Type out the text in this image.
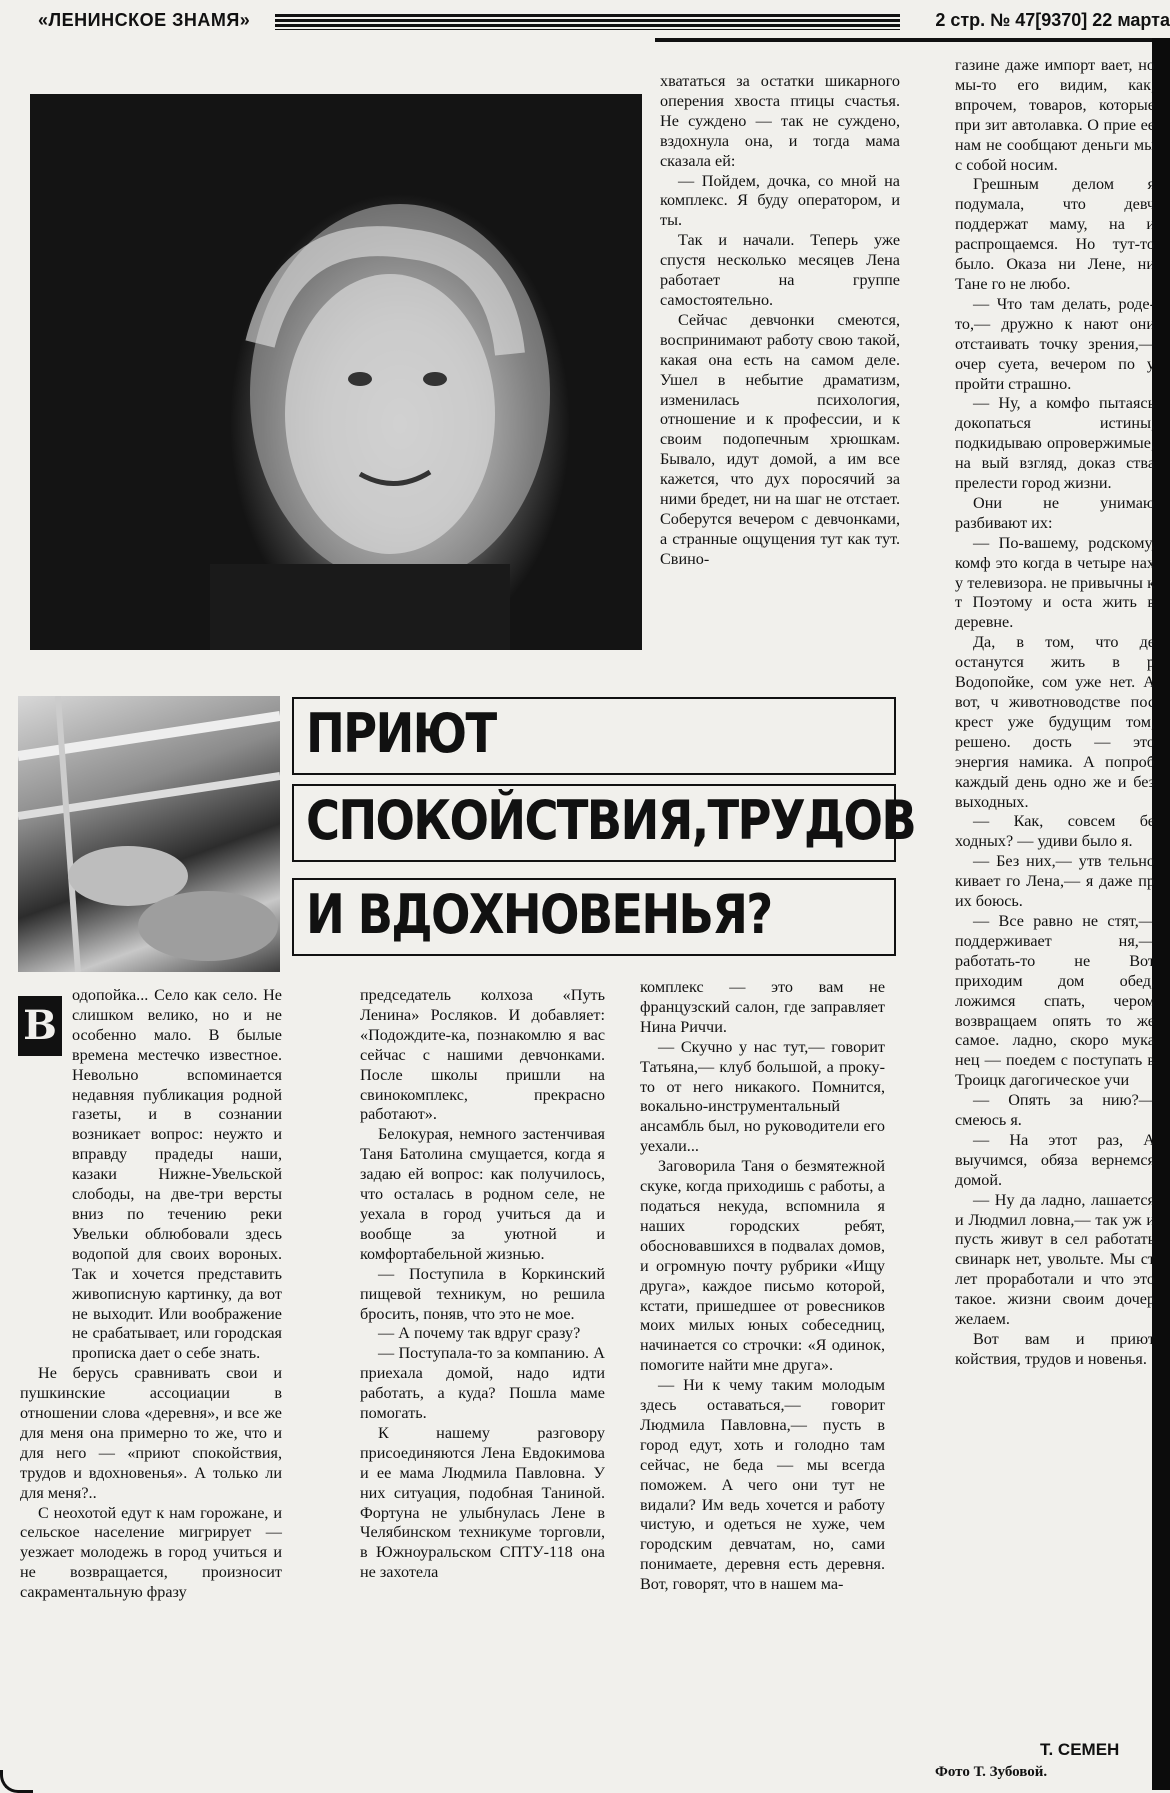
«ЛЕНИНСКОЕ ЗНАМЯ»	2 стр. № 47[9370] 22 марта

хвататься за остатки шикарного оперения хвоста птицы счастья. Не суждено — так не суждено, вздохнула она, и тогда мама сказала ей:

— Пойдем, дочка, со мной на комплекс. Я буду оператором, и ты.

Так и начали. Теперь уже спустя несколько месяцев Лена работает на группе самостоятельно.

Сейчас девчонки смеются, воспринимают работу свою такой, какая она есть на самом деле. Ушел в небытие драматизм, изменилась психология, отношение и к профессии, и к своим подопечным хрюшкам. Бывало, идут домой, а им все кажется, что дух поросячий за ними бредет, ни на шаг не отстает. Соберутся вечером с девчонками, а странные ощущения тут как тут. Свино-

газине даже импорт вает, но мы-то его видим, как, впрочем, товаров, которые при зит автолавка. О прие ее нам не сообщают деньги мы с собой носим.

Грешным делом я подумала, что девч поддержат маму, на и распрощаемся. Но тут-то было. Оказа ни Лене, ни Тане го не любо.

— Что там делать, роде-то,— дружно к нают они отстаивать точку зрения,— очер суета, вечером по у пройти страшно.

— Ну, а комфо пытаясь докопаться истины, подкидываю опровержимые, на вый взгляд, доказ ства прелести город жизни.

Они не унимаю разбивают их:

— По-вашему, родскому, комф это когда в четыре нах у телевизора. не привычны к т Поэтому и оста жить в деревне.

Да, в том, что де останутся жить в р Водопойке, сом уже нет. А вот, ч животноводстве пос крест уже будущим том, решено. дость — это энергия намика. А попроб каждый день одно же и без выходных.

— Как, совсем бе ходных? — удиви было я.

— Без них,— утв тельно кивает го Лена,— я даже пр их боюсь.

— Все равно не стят,— поддерживает ня,— работать-то не Вот приходим дом обед, ложимся спать, чером возвращаем опять то же самое. ладно, скоро мука нец — поедем с поступать в Троицк дагогическое учи

— Опять за нию?— смеюсь я.

— На этот раз, А выучимся, обяза вернемся домой.

— Ну да ладно, лашается и Людмил ловна,— так уж и пусть живут в сел работать свинарк нет, увольте. Мы ст лет проработали и что это такое. жизни своим дочер желаем.

Вот вам и приют койствия, трудов и новенья.

ПРИЮТ
СПОКОЙСТВИЯ,ТРУДОВ
И ВДОХНОВЕНЬЯ?
В

одопойка... Село как село. Не слишком велико, но и не особенно мало. В былые времена местечко известное. Невольно вспоминается недавняя публикация родной газеты, и в сознании возникает вопрос: неужто и вправду прадеды наши, казаки Нижне-Увельской слободы, на две-три версты вниз по течению реки Увельки облюбовали здесь водопой для своих вороных. Так и хочется представить живописную картинку, да вот не выходит. Или воображение не срабатывает, или городская прописка дает о себе знать.

Не берусь сравнивать свои и пушкинские ассоциации в отношении слова «деревня», и все же для меня она примерно то же, что и для него — «приют спокойствия, трудов и вдохновенья». А только ли для меня?..

С неохотой едут к нам горожане, и сельское население мигрирует — уезжает молодежь в город учиться и не возвращается, произносит сакраментальную фразу

председатель колхоза «Путь Ленина» Росляков. И добавляет: «Подождите-ка, познакомлю я вас сейчас с нашими девчонками. После школы пришли на свинокомплекс, прекрасно работают».

Белокурая, немного застенчивая Таня Батолина смущается, когда я задаю ей вопрос: как получилось, что осталась в родном селе, не уехала в город учиться да и вообще за уютной и комфортабельной жизнью.

— Поступила в Коркинский пищевой техникум, но решила бросить, поняв, что это не мое.

— А почему так вдруг сразу?

— Поступала-то за компанию. А приехала домой, надо идти работать, а куда? Пошла маме помогать.

К нашему разговору присоединяются Лена Евдокимова и ее мама Людмила Павловна. У них ситуация, подобная Таниной. Фортуна не улыбнулась Лене в Челябинском техникуме торговли, в Южноуральском СПТУ-118 она не захотела

комплекс — это вам не французский салон, где заправляет Нина Риччи.

— Скучно у нас тут,— говорит Татьяна,— клуб большой, а проку-то от него никакого. Помнится, вокально-инструментальный ансамбль был, но руководители его уехали...

Заговорила Таня о безмятежной скуке, когда приходишь с работы, а податься некуда, вспомнила я наших городских ребят, обосновавшихся в подвалах домов, и огромную почту рубрики «Ищу друга», каждое письмо которой, кстати, пришедшее от ровесников моих милых юных собеседниц, начинается со строчки: «Я одинок, помогите найти мне друга».

— Ни к чему таким молодым здесь оставаться,— говорит Людмила Павловна,— пусть в город едут, хоть и голодно там сейчас, не беда — мы всегда поможем. А чего они тут не видали? Им ведь хочется и работу чистую, и одеться не хуже, чем городским девчатам, но, сами понимаете, деревня есть деревня. Вот, говорят, что в нашем ма-

Т. СЕМЕН
Фото Т. Зубовой.
